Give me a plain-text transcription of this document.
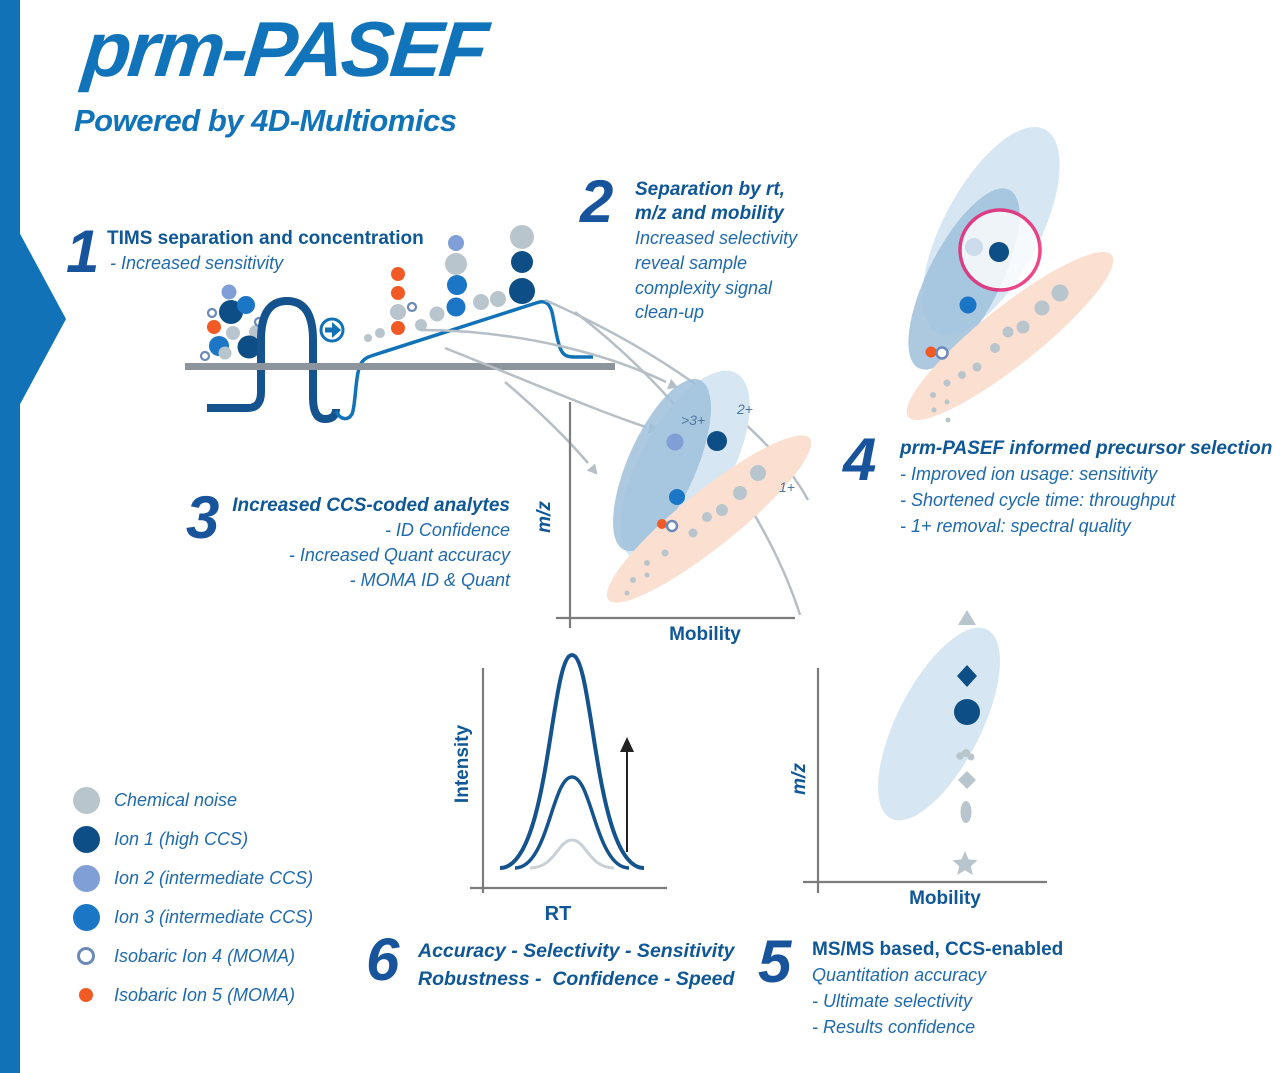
prm-PASEF
Powered by 4D-Multiomics
1 TIMS separation and concentration
- Increased sensitivity
2 Separation by rt,
m/z and mobility
Increased selectivity
reveal sample
complexity signal
clean-up
3 Increased CCS-coded analytes
- ID Confidence
- Increased Quant accuracy
- MOMA ID & Quant
4 prm-PASEF informed precursor selection
- Improved ion usage: sensitivity
- Shortened cycle time: throughput
- 1+ removal: spectral quality
5 MS/MS based, CCS-enabled
Quantitation accuracy
- Ultimate selectivity
- Results confidence
6 Accuracy - Selectivity - Sensitivity
Robustness -  Confidence - Speed
m/z
Mobility
>3+
2+
1+
Intensity
RT
m/z
Mobility
Chemical noise
Ion 1 (high CCS)
Ion 2 (intermediate CCS)
Ion 3 (intermediate CCS)
Isobaric Ion 4 (MOMA)
Isobaric Ion 5 (MOMA)
